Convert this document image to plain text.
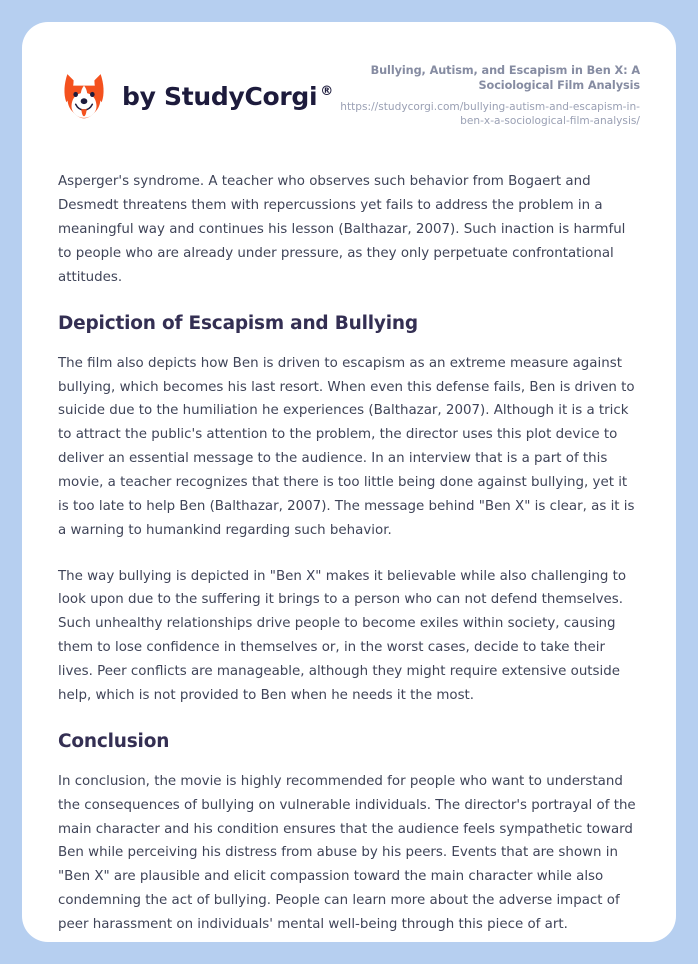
by StudyCorgi ®
Bullying, Autism, and Escapism in Ben X: A Sociological Film Analysis
https://studycorgi.com/bullying-autism-and-escapism-in-ben-x-a-sociological-film-analysis/

Asperger's syndrome. A teacher who observes such behavior from Bogaert and Desmedt threatens them with repercussions yet fails to address the problem in a meaningful way and continues his lesson (Balthazar, 2007). Such inaction is harmful to people who are already under pressure, as they only perpetuate confrontational attitudes.

Depiction of Escapism and Bullying

The film also depicts how Ben is driven to escapism as an extreme measure against bullying, which becomes his last resort. When even this defense fails, Ben is driven to suicide due to the humiliation he experiences (Balthazar, 2007). Although it is a trick to attract the public's attention to the problem, the director uses this plot device to deliver an essential message to the audience. In an interview that is a part of this movie, a teacher recognizes that there is too little being done against bullying, yet it is too late to help Ben (Balthazar, 2007). The message behind "Ben X" is clear, as it is a warning to humankind regarding such behavior.

The way bullying is depicted in "Ben X" makes it believable while also challenging to look upon due to the suffering it brings to a person who can not defend themselves. Such unhealthy relationships drive people to become exiles within society, causing them to lose confidence in themselves or, in the worst cases, decide to take their lives. Peer conflicts are manageable, although they might require extensive outside help, which is not provided to Ben when he needs it the most.

Conclusion

In conclusion, the movie is highly recommended for people who want to understand the consequences of bullying on vulnerable individuals. The director's portrayal of the main character and his condition ensures that the audience feels sympathetic toward Ben while perceiving his distress from abuse by his peers. Events that are shown in "Ben X" are plausible and elicit compassion toward the main character while also condemning the act of bullying. People can learn more about the adverse impact of peer harassment on individuals' mental well-being through this piece of art.
